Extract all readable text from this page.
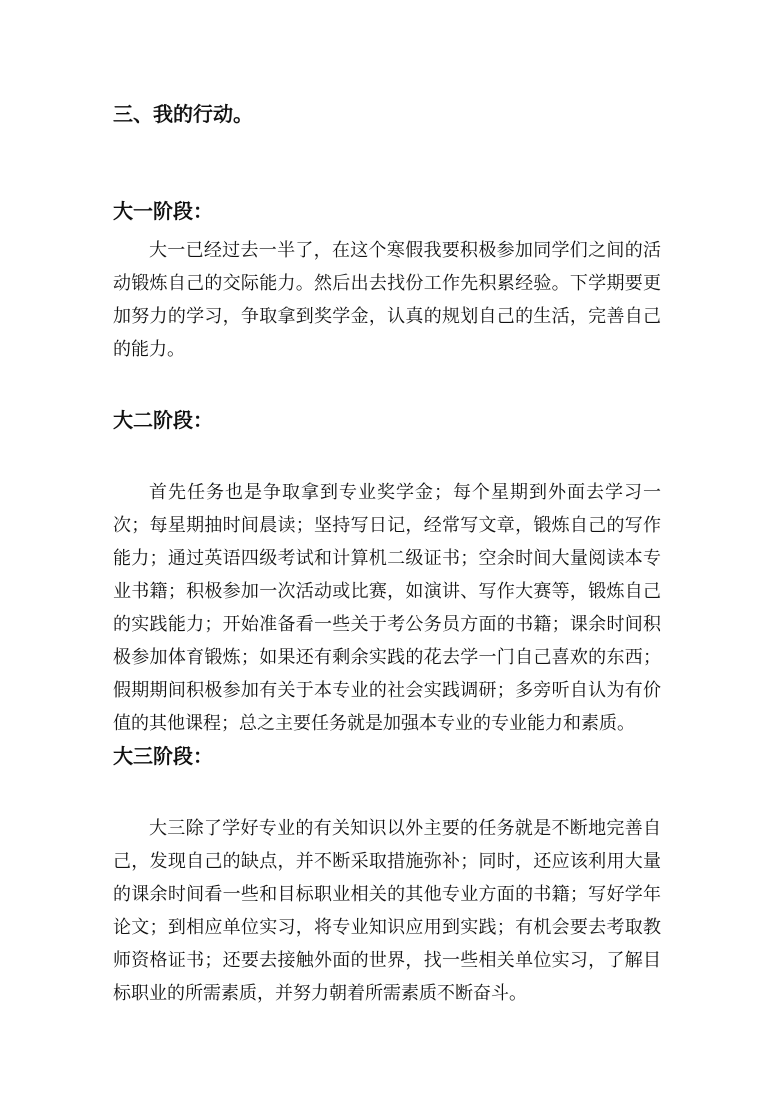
三、我的行动。
大一阶段：

大一已经过去一半了，在这个寒假我要积极参加同学们之间的活动锻炼自己的交际能力。然后出去找份工作先积累经验。下学期要更加努力的学习，争取拿到奖学金，认真的规划自己的生活，完善自己的能力。

大二阶段：

首先任务也是争取拿到专业奖学金；每个星期到外面去学习一次；每星期抽时间晨读；坚持写日记，经常写文章，锻炼自己的写作能力；通过英语四级考试和计算机二级证书；空余时间大量阅读本专业书籍；积极参加一次活动或比赛，如演讲、写作大赛等，锻炼自己的实践能力；开始准备看一些关于考公务员方面的书籍；课余时间积极参加体育锻炼；如果还有剩余实践的花去学一门自己喜欢的东西；假期期间积极参加有关于本专业的社会实践调研；多旁听自认为有价值的其他课程；总之主要任务就是加强本专业的专业能力和素质。

大三阶段：

大三除了学好专业的有关知识以外主要的任务就是不断地完善自己，发现自己的缺点，并不断采取措施弥补；同时，还应该利用大量的课余时间看一些和目标职业相关的其他专业方面的书籍；写好学年论文；到相应单位实习，将专业知识应用到实践；有机会要去考取教师资格证书；还要去接触外面的世界，找一些相关单位实习，了解目标职业的所需素质，并努力朝着所需素质不断奋斗。
